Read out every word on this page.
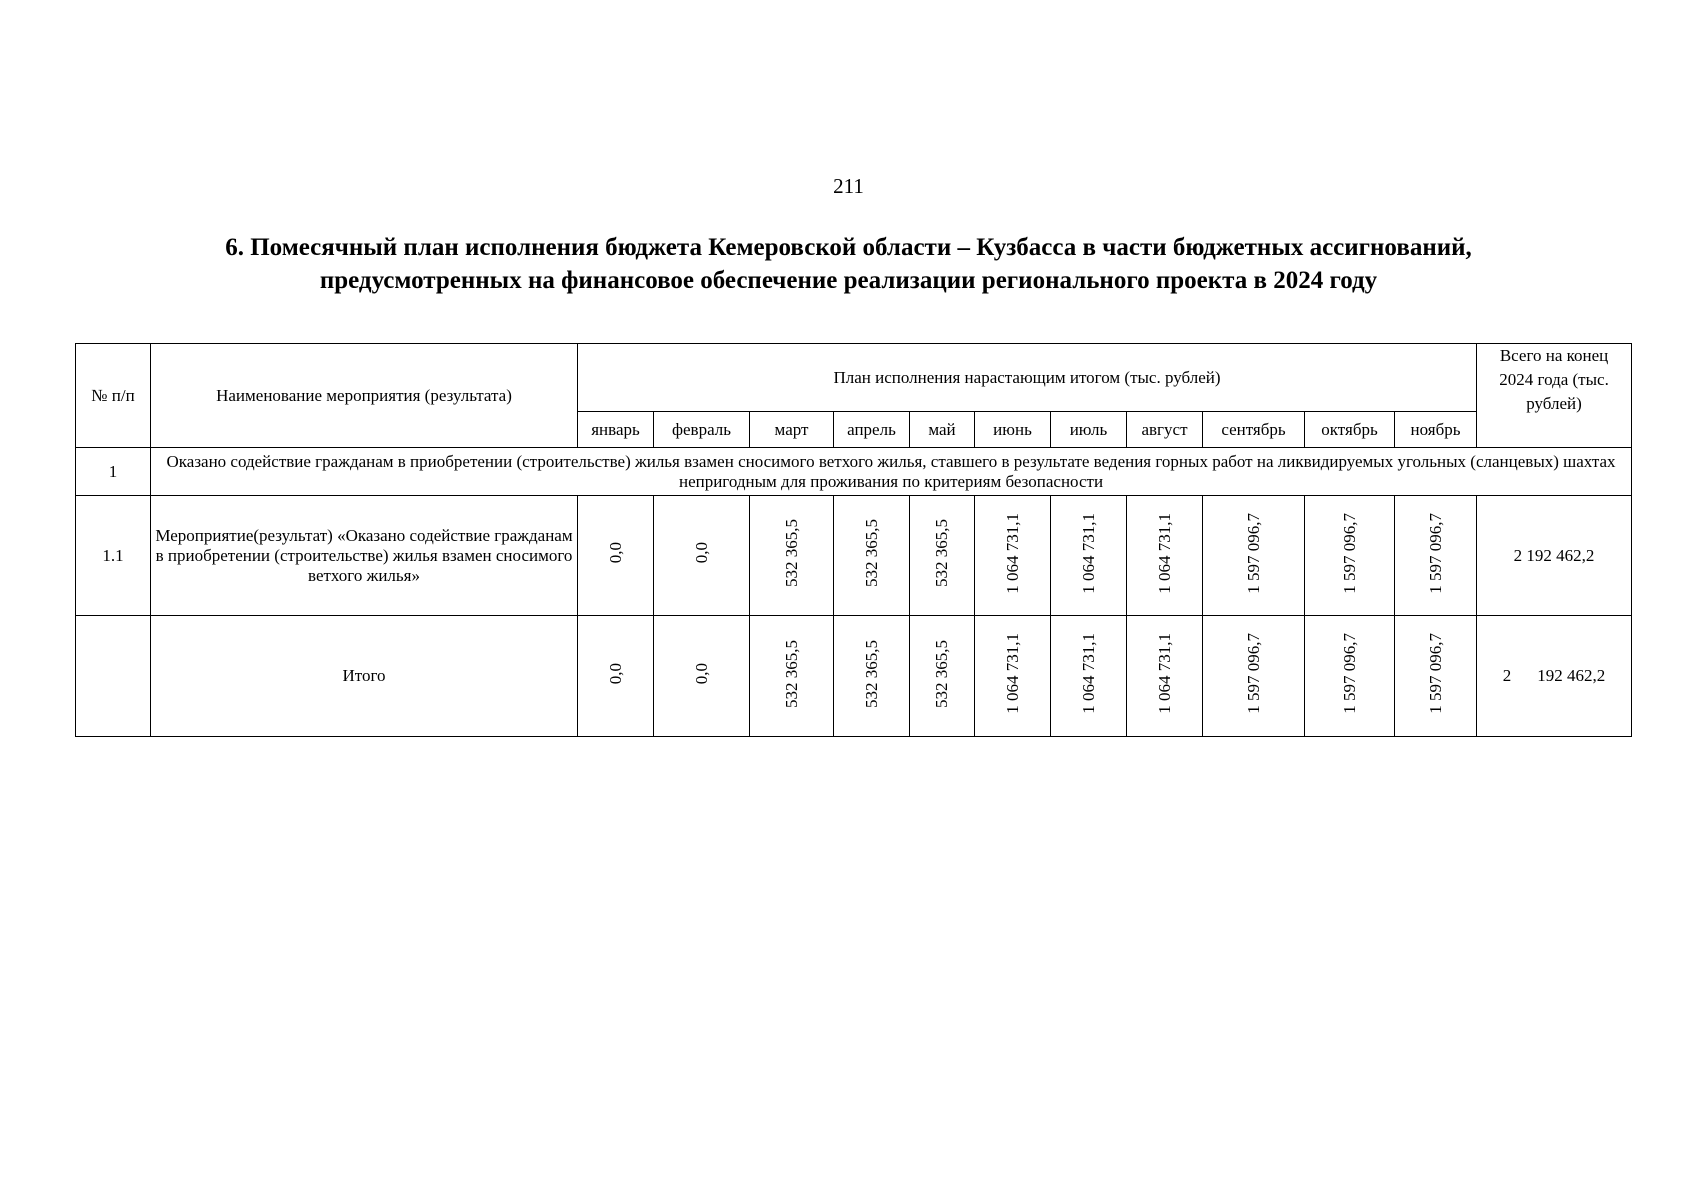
211
6. Помесячный план исполнения бюджета Кемеровской области – Кузбасса в части бюджетных ассигнований,
предусмотренных на финансовое обеспечение реализации регионального проекта в 2024 году
№ п/п	Наименование мероприятия (результата)	План исполнения нарастающим итогом (тыс. рублей)											Всего на конец 2024 года (тыс. рублей)
		январь	февраль	март	апрель	май	июнь	июль	август	сентябрь	октябрь	ноябрь	
1	Оказано содействие гражданам в приобретении (строительстве) жилья взамен сносимого ветхого жилья, ставшего в результате ведения горных работ на ликвидируемых угольных (сланцевых) шахтах непригодным для проживания по критериям безопасности												
1.1	Мероприятие(результат) «Оказано содействие гражданам в приобретении (строительстве) жилья взамен сносимого ветхого жилья»	0,0	0,0	532 365,5	532 365,5	532 365,5	1 064 731,1	1 064 731,1	1 064 731,1	1 597 096,7	1 597 096,7	1 597 096,7	2 192 462,2
	Итого	0,0	0,0	532 365,5	532 365,5	532 365,5	1 064 731,1	1 064 731,1	1 064 731,1	1 597 096,7	1 597 096,7	1 597 096,7	2 192 462,2
